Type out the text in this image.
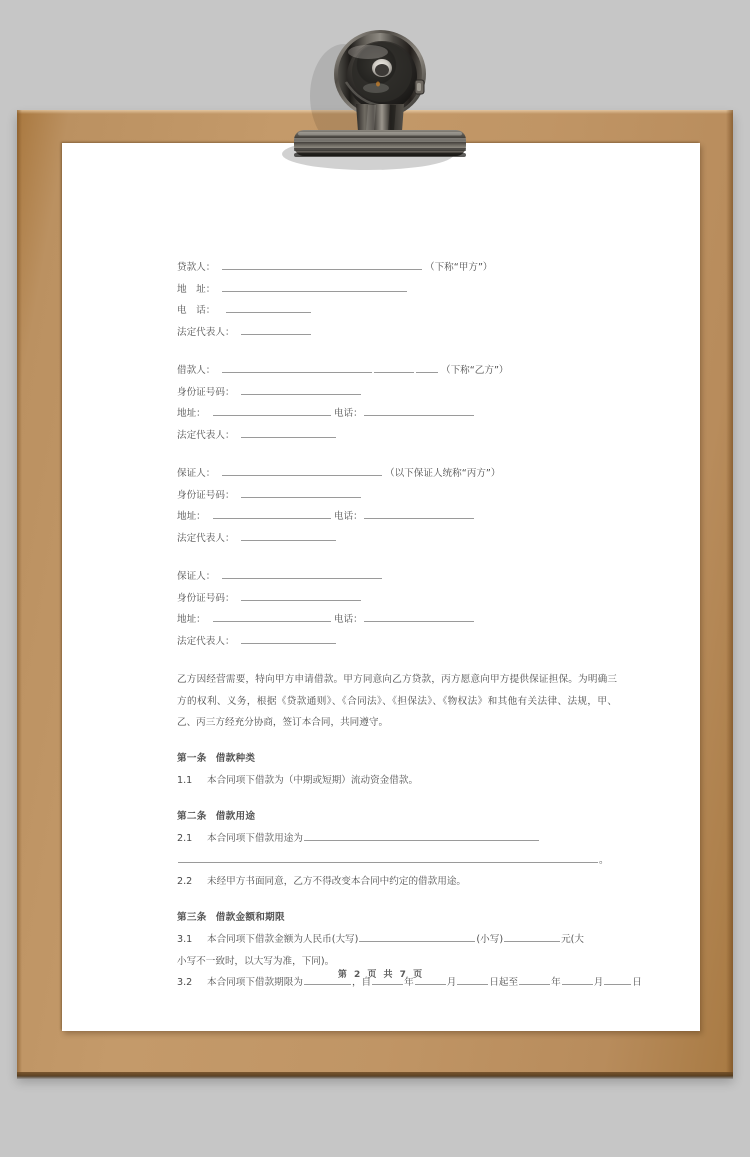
贷款人：	（下称“甲方”）
地　址：
电　话：
法定代表人：
借款人：	（下称“乙方”）
身份证号码：
地址：	电话：
法定代表人：
保证人：	（以下保证人统称“丙方”）
身份证号码：
地址：	电话：
法定代表人：
保证人：
身份证号码：
地址：	电话：
法定代表人：
乙方因经营需要，特向甲方申请借款。甲方同意向乙方贷款，丙方愿意向甲方提供保证担保。为明确三方的权利、义务，根据《贷款通则》、《合同法》、《担保法》、《物权法》和其他有关法律、法规，甲、乙、丙三方经充分协商，签订本合同，共同遵守。
第一条 借款种类
1.1 本合同项下借款为（中期或短期）流动资金借款。
第二条 借款用途
2.1 本合同项下借款用途为
。
2.2 未经甲方书面同意，乙方不得改变本合同中约定的借款用途。
第三条 借款金额和期限
3.1 本合同项下借款金额为人民币(大写)	(小写)	元(大
小写不一致时，以大写为准，下同)。
3.2 本合同项下借款期限为	，自	年	月	日起至	年	月	日
第 2 页 共 7 页
